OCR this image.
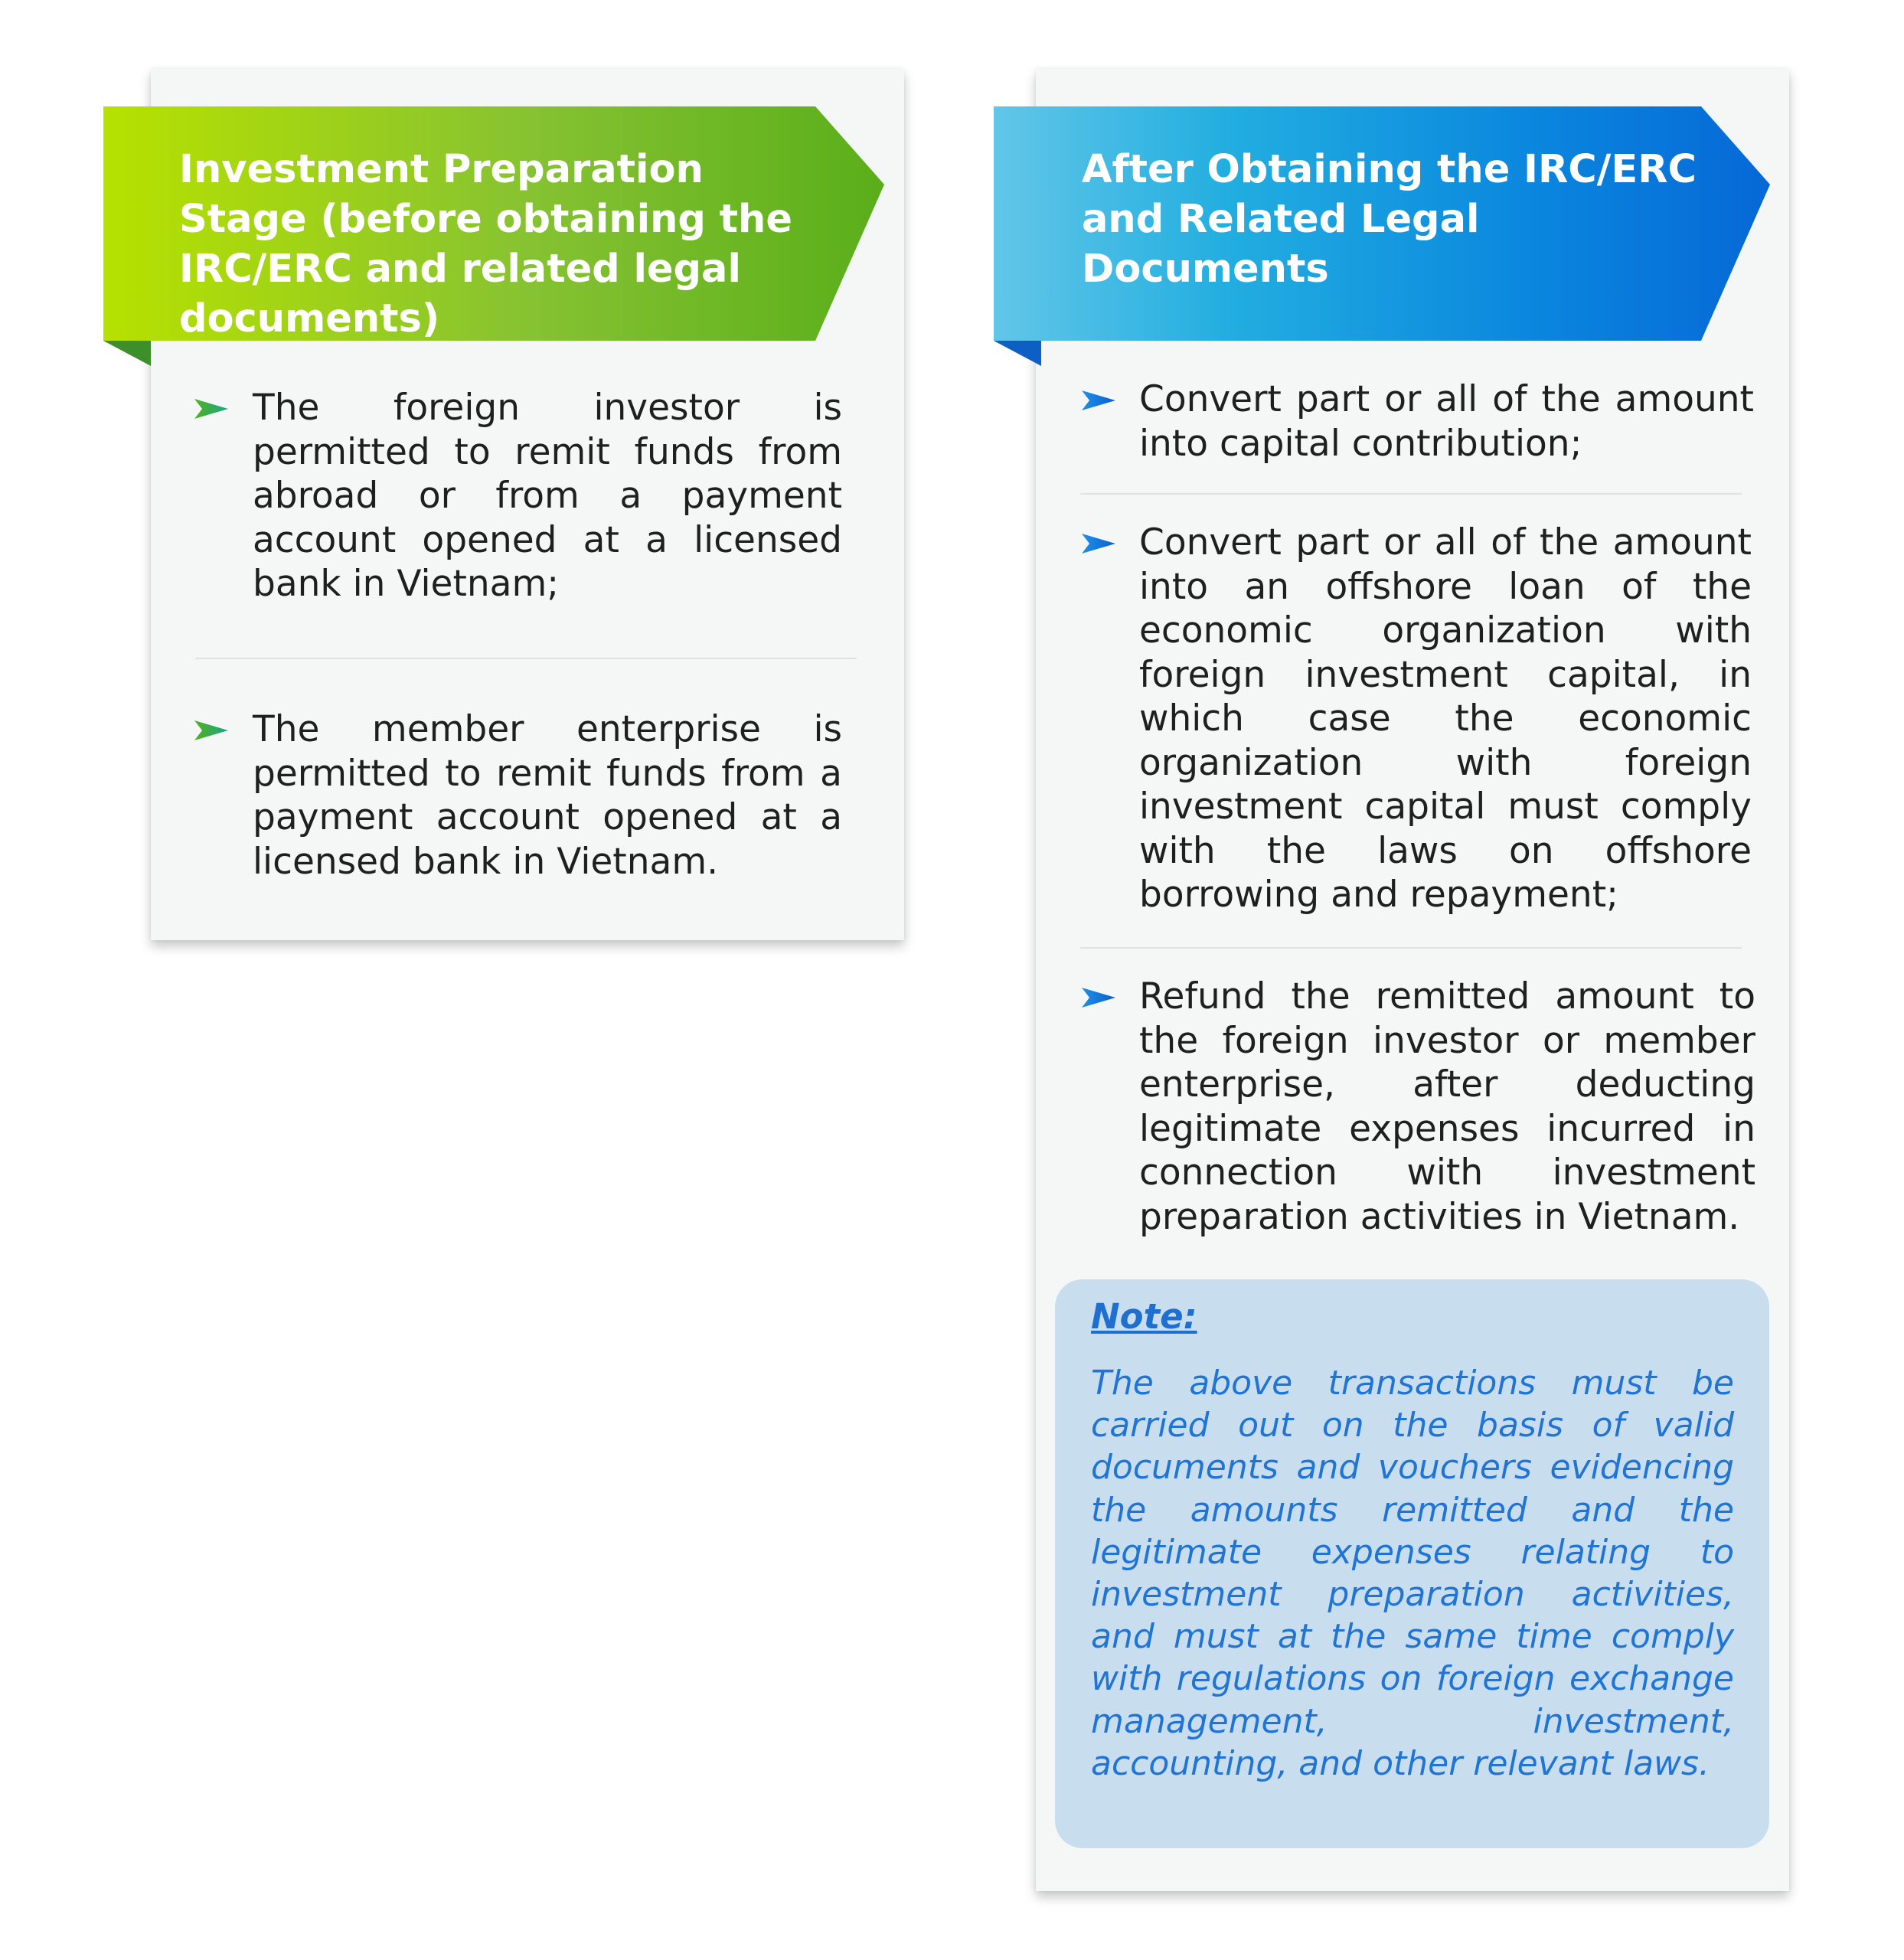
Investment Preparation Stage (before obtaining the IRC/ERC and related legal documents)
The foreign investor is permitted to remit funds from abroad or from a payment account opened at a licensed bank in Vietnam;
The member enterprise is permitted to remit funds from a payment account opened at a licensed bank in Vietnam.
After Obtaining the IRC/ERC and Related Legal Documents
Convert part or all of the amount into capital contribution;
Convert part or all of the amount into an offshore loan of the economic organization with foreign investment capital, in which case the economic organization with foreign investment capital must comply with the laws on offshore borrowing and repayment;
Refund the remitted amount to the foreign investor or member enterprise, after deducting legitimate expenses incurred in connection with investment preparation activities in Vietnam.
Note:
The above transactions must be carried out on the basis of valid documents and vouchers evidencing the amounts remitted and the legitimate expenses relating to investment preparation activities, and must at the same time comply with regulations on foreign exchange management, investment, accounting, and other relevant laws.
